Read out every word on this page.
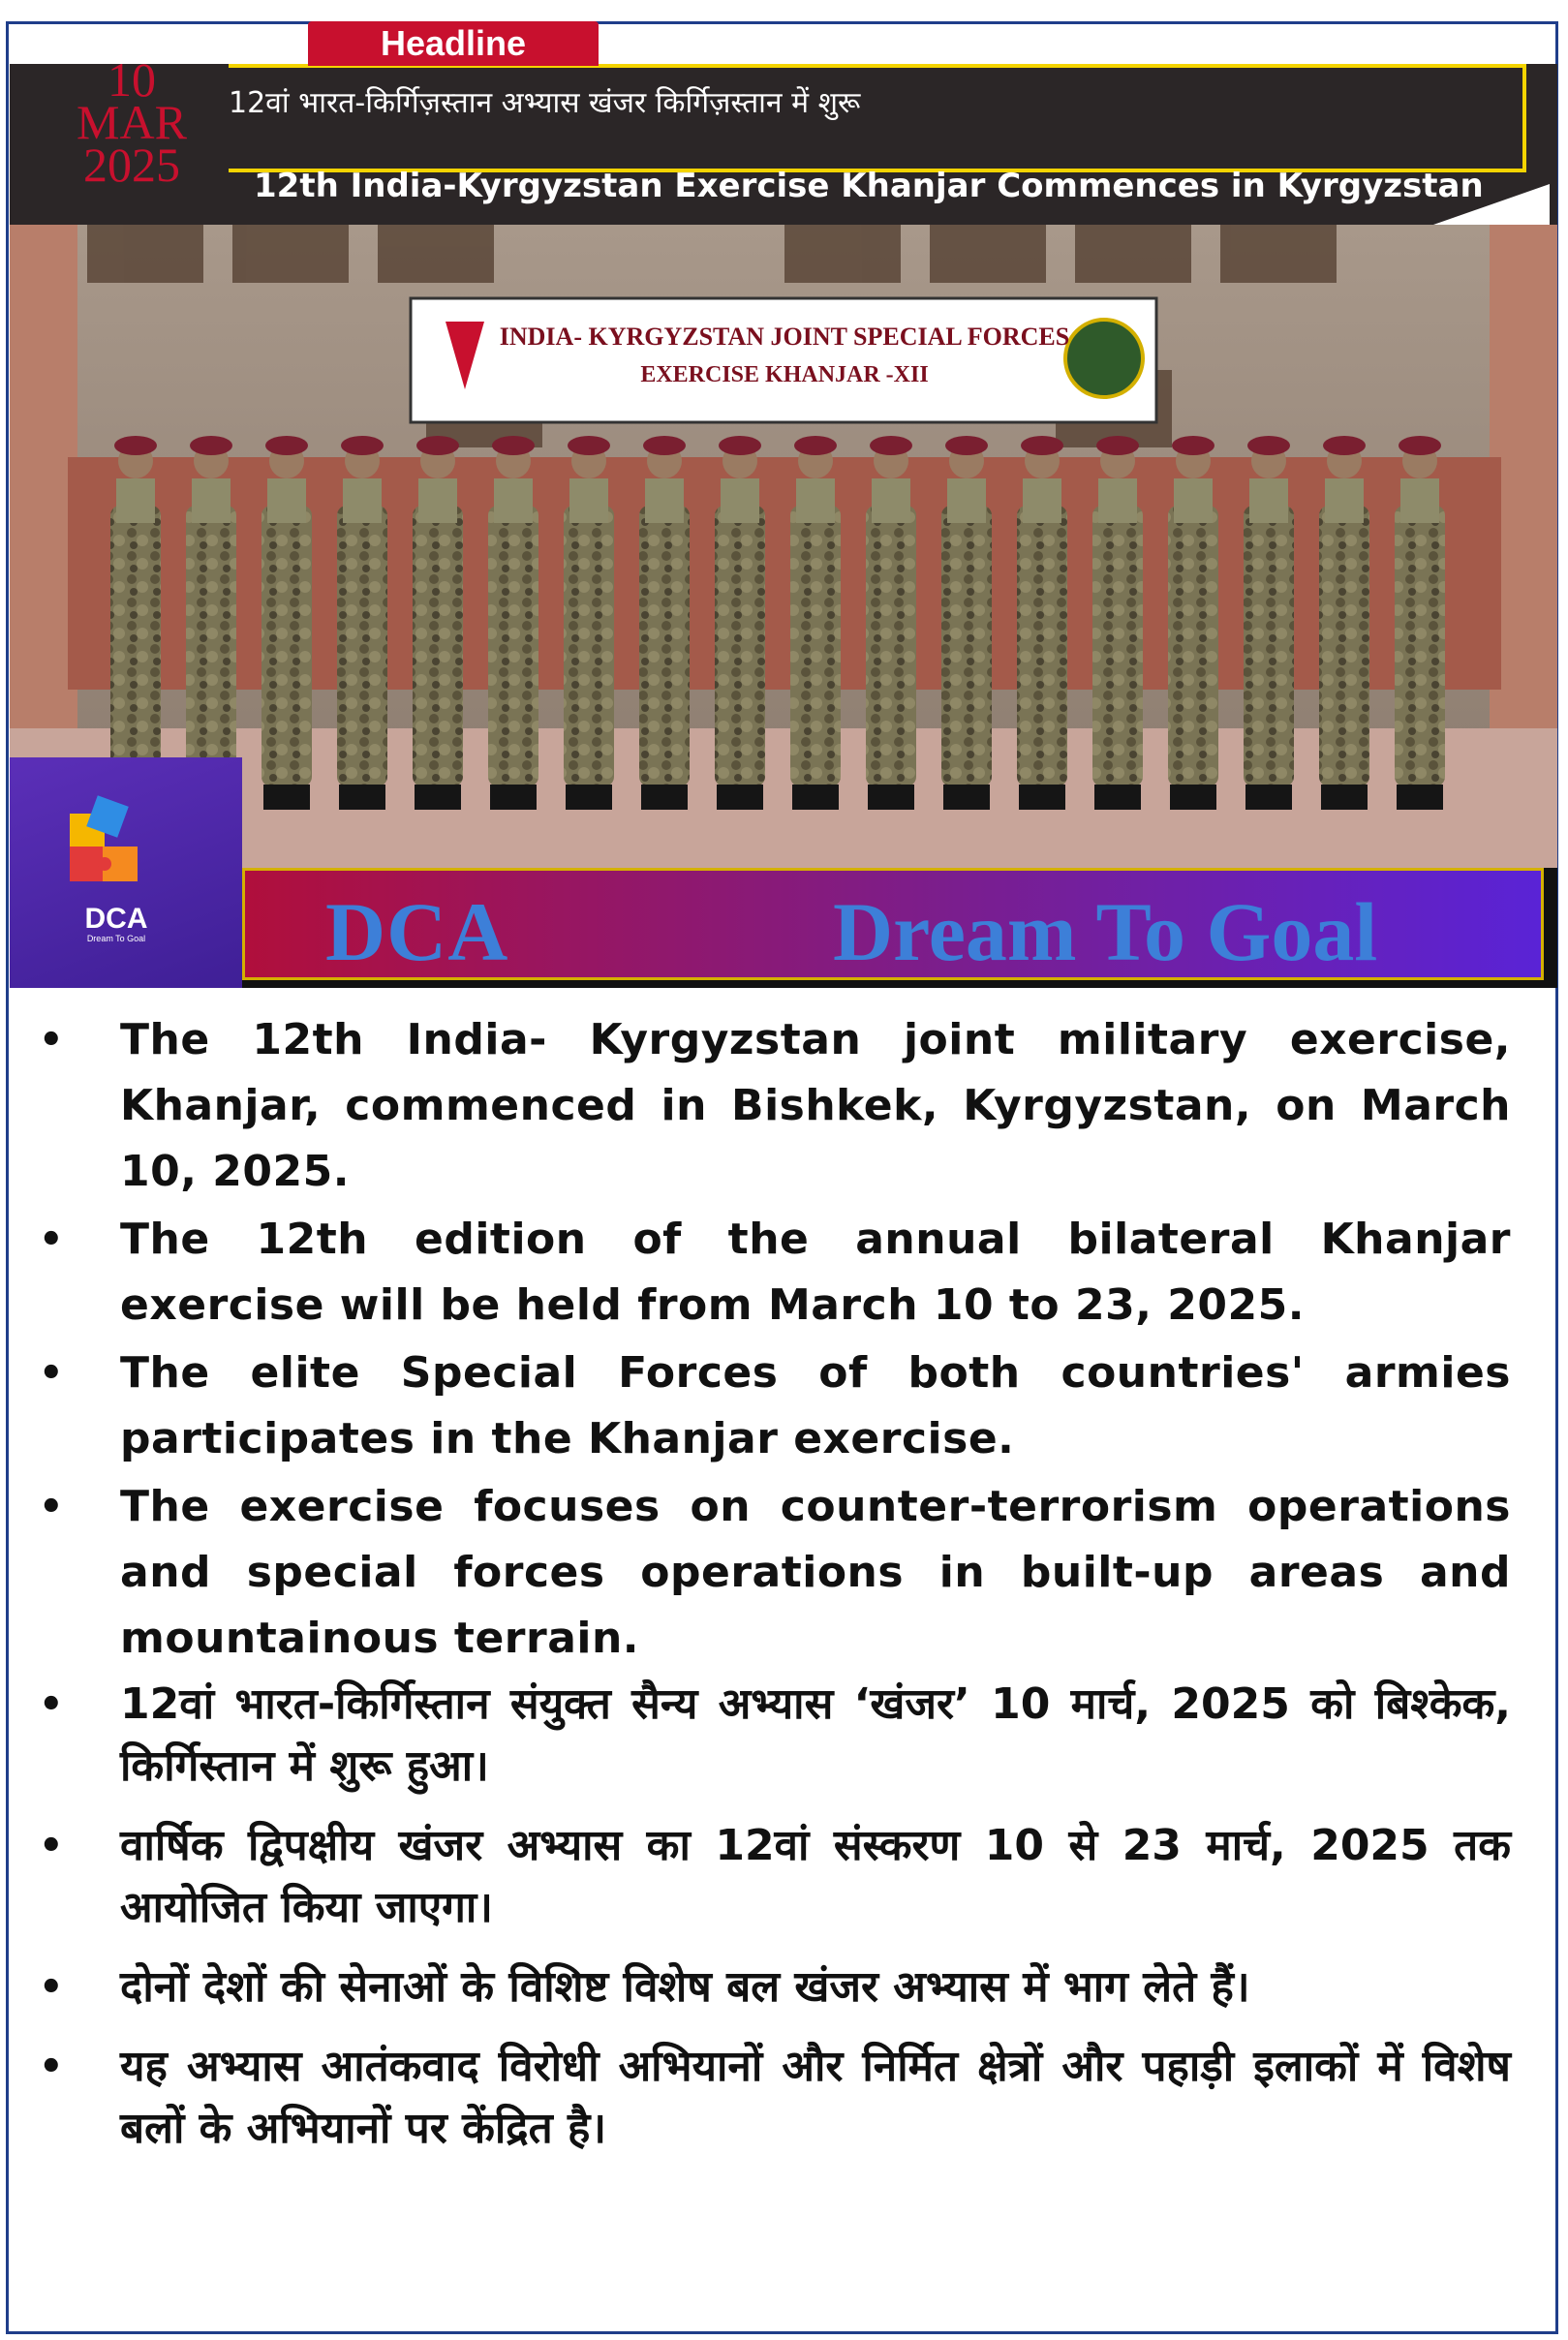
Headline
10
MAR
2025
12वां भारत-किर्गिज़स्तान अभ्यास खंजर किर्गिज़स्तान में शुरू
12th India-Kyrgyzstan Exercise Khanjar Commences in Kyrgyzstan
INDIA- KYRGYZSTAN JOINT SPECIAL FORCES
EXERCISE KHANJAR -XII
DCA	Dream To Goal
DCA
Dream To Goal
• The 12th India- Kyrgyzstan joint military exercise, Khanjar, commenced in Bishkek, Kyrgyzstan, on March 10, 2025.
• The 12th edition of the annual bilateral Khanjar exercise will be held from March 10 to 23, 2025.
• The elite Special Forces of both countries' armies participates in the Khanjar exercise.
• The exercise focuses on counter-terrorism operations and special forces operations in built-up areas and mountainous terrain.
• 12वां भारत-किर्गिस्तान संयुक्त सैन्य अभ्यास ‘खंजर’ 10 मार्च, 2025 को बिश्केक, किर्गिस्तान में शुरू हुआ।
• वार्षिक द्विपक्षीय खंजर अभ्यास का 12वां संस्करण 10 से 23 मार्च, 2025 तक आयोजित किया जाएगा।
• दोनों देशों की सेनाओं के विशिष्ट विशेष बल खंजर अभ्यास में भाग लेते हैं।
• यह अभ्यास आतंकवाद विरोधी अभियानों और निर्मित क्षेत्रों और पहाड़ी इलाकों में विशेष बलों के अभियानों पर केंद्रित है।
